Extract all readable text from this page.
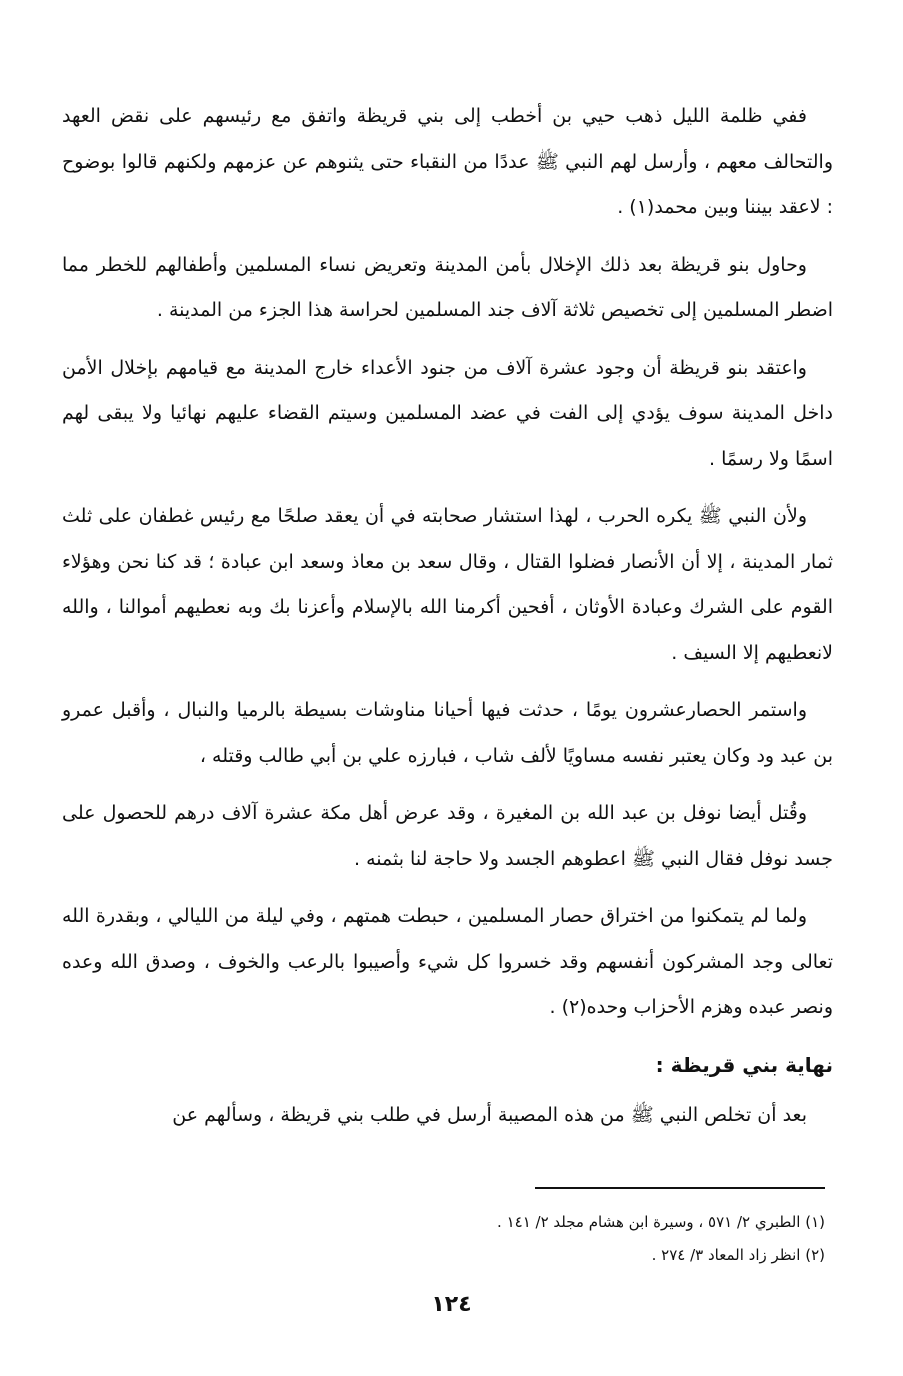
ففي ظلمة الليل ذهب حيي بن أخطب إلى بني قريظة واتفق مع رئيسهم على نقض العهد والتحالف معهم ، وأرسل لهم النبي ﷺ عددًا من النقباء حتى يثنوهم عن عزمهم ولكنهم قالوا بوضوح : لاعقد بيننا وبين محمد(١) .

وحاول بنو قريظة بعد ذلك الإخلال بأمن المدينة وتعريض نساء المسلمين وأطفالهم للخطر مما اضطر المسلمين إلى تخصيص ثلاثة آلاف جند المسلمين لحراسة هذا الجزء من المدينة .

واعتقد بنو قريظة أن وجود عشرة آلاف من جنود الأعداء خارج المدينة مع قيامهم بإخلال الأمن داخل المدينة سوف يؤدي إلى الفت في عضد المسلمين وسيتم القضاء عليهم نهائيا ولا يبقى لهم اسمًا ولا رسمًا .

ولأن النبي ﷺ يكره الحرب ، لهذا استشار صحابته في أن يعقد صلحًا مع رئيس غطفان على ثلث ثمار المدينة ، إلا أن الأنصار فضلوا القتال ، وقال سعد بن معاذ وسعد ابن عبادة ؛ قد كنا نحن وهؤلاء القوم على الشرك وعبادة الأوثان ، أفحين أكرمنا الله بالإسلام وأعزنا بك وبه نعطيهم أموالنا ، والله لانعطيهم إلا السيف .

واستمر الحصارعشرون يومًا ، حدثت فيها أحيانا مناوشات بسيطة بالرميا والنبال ، وأقبل عمرو بن عبد ود وكان يعتبر نفسه مساويًا لألف شاب ، فبارزه علي بن أبي طالب وقتله ،

وقُتل أيضا نوفل بن عبد الله بن المغيرة ، وقد عرض أهل مكة عشرة آلاف درهم للحصول على جسد نوفل فقال النبي ﷺ اعطوهم الجسد ولا حاجة لنا بثمنه .

ولما لم يتمكنوا من اختراق حصار المسلمين ، حبطت همتهم ، وفي ليلة من الليالي ، وبقدرة الله تعالى وجد المشركون أنفسهم وقد خسروا كل شيء وأصيبوا بالرعب والخوف ، وصدق الله وعده ونصر عبده وهزم الأحزاب وحده(٢) .

نهاية بني قريظة :

بعد أن تخلص النبي ﷺ من هذه المصيبة أرسل في طلب بني قريظة ، وسألهم عن

(١) الطبري ٢/ ٥٧١ ، وسيرة ابن هشام مجلد ٢/ ١٤١ .

(٢) انظر زاد المعاد ٣/ ٢٧٤ .

١٢٤
